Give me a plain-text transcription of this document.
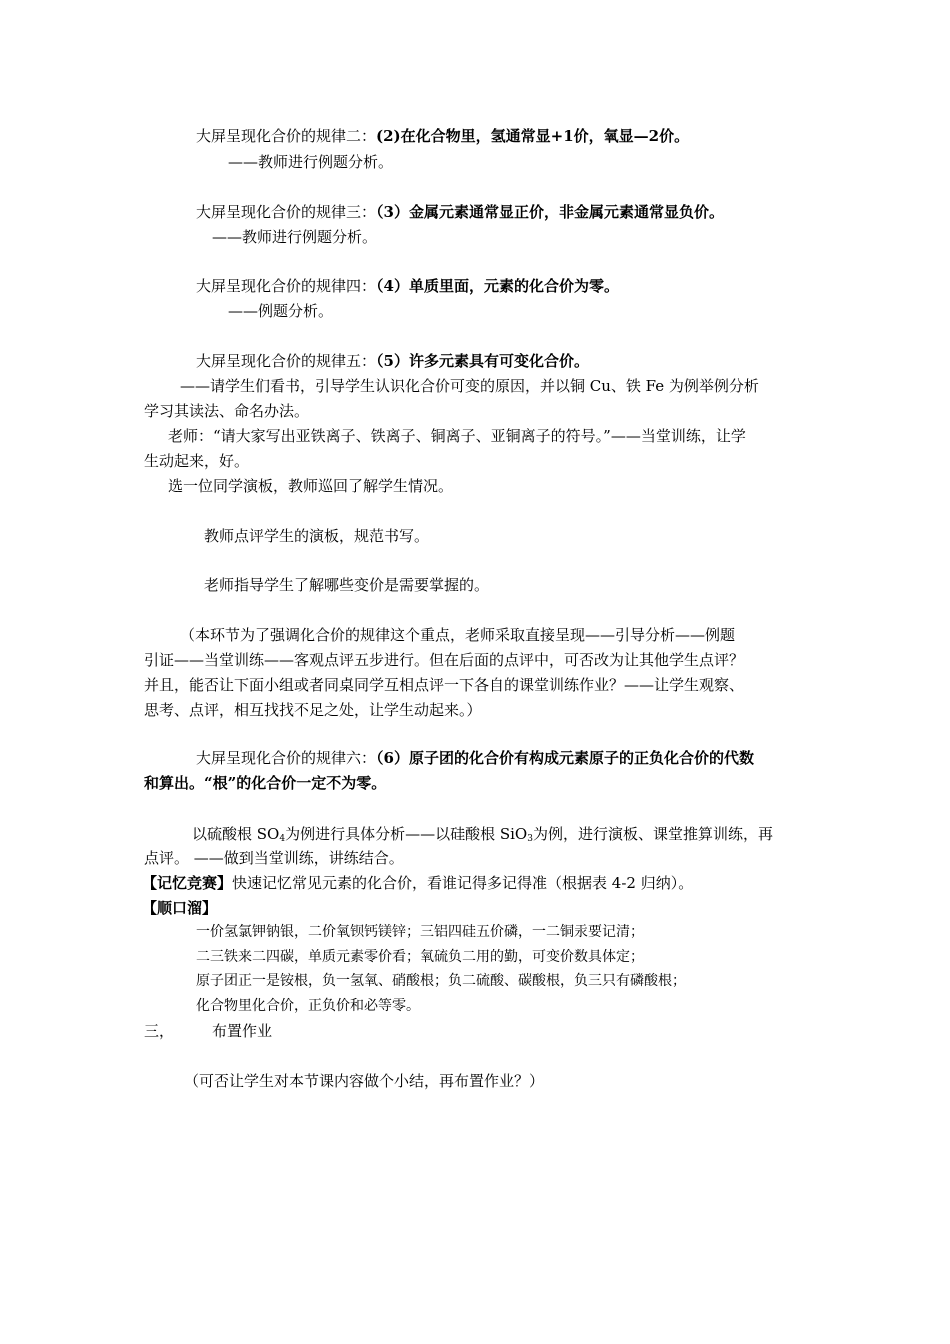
大屏呈现化合价的规律二：(2)在化合物里，氢通常显+1价，氧显—2价。
——教师进行例题分析。
大屏呈现化合价的规律三：（3）金属元素通常显正价，非金属元素通常显负价。
——教师进行例题分析。
大屏呈现化合价的规律四：（4）单质里面，元素的化合价为零。
——例题分析。
大屏呈现化合价的规律五：（5）许多元素具有可变化合价。
——请学生们看书，引导学生认识化合价可变的原因，并以铜 Cu、铁 Fe 为例举例分析
学习其读法、命名办法。
老师：“请大家写出亚铁离子、铁离子、铜离子、亚铜离子的符号。”——当堂训练，让学
生动起来，好。
选一位同学演板，教师巡回了解学生情况。
教师点评学生的演板，规范书写。
老师指导学生了解哪些变价是需要掌握的。
（本环节为了强调化合价的规律这个重点，老师采取直接呈现——引导分析——例题
引证——当堂训练——客观点评五步进行。但在后面的点评中，可否改为让其他学生点评？
并且，能否让下面小组或者同桌同学互相点评一下各自的课堂训练作业？——让学生观察、
思考、点评，相互找找不足之处，让学生动起来。）
大屏呈现化合价的规律六：（6）原子团的化合价有构成元素原子的正负化合价的代数
和算出。“根”的化合价一定不为零。
以硫酸根 $SO_4$为例进行具体分析——以硅酸根 SiO$_3$为例，进行演板、课堂推算训练，再
点评。 ——做到当堂训练，讲练结合。
【记忆竞赛】快速记忆常见元素的化合价，看谁记得多记得准（根据表 4-2 归纳）。
【顺口溜】
一价氢氯钾钠银，二价氧钡钙镁锌；三铝四硅五价磷，一二铜汞要记清；
二三铁来二四碳，单质元素零价看；氧硫负二用的勤，可变价数具体定；
原子团正一是铵根，负一氢氧、硝酸根；负二硫酸、碳酸根，负三只有磷酸根；
化合物里化合价，正负价和必等零。
三，	布置作业
（可否让学生对本节课内容做个小结，再布置作业？）
